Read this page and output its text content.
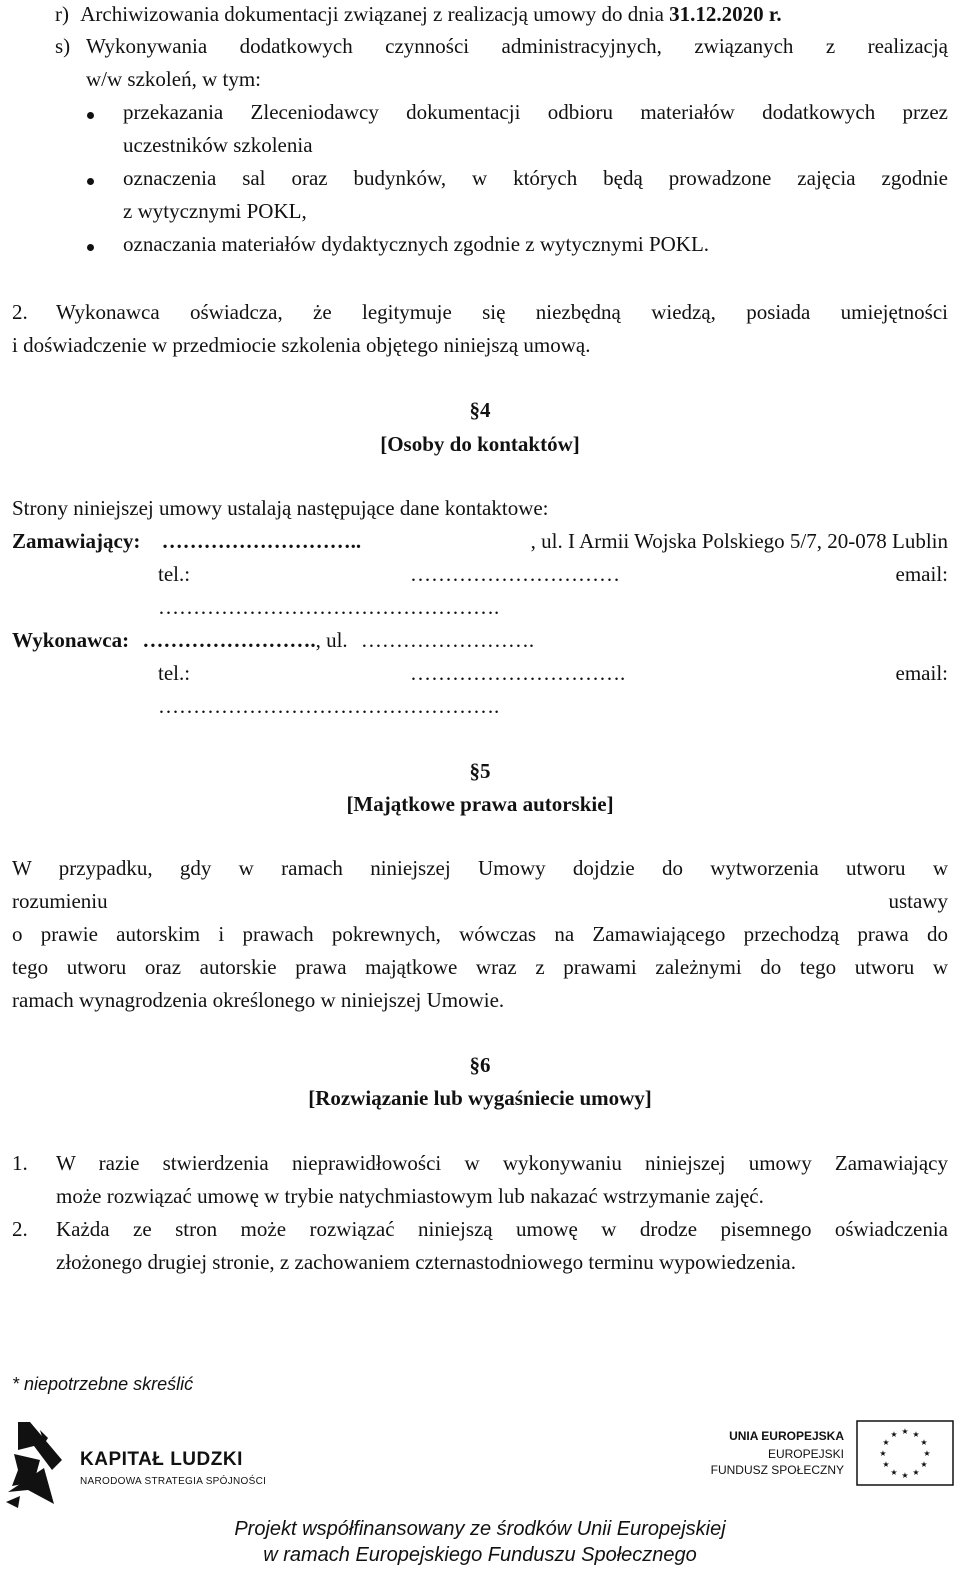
r) Archiwizowania dokumentacji związanej z realizacją umowy do dnia 31.12.2020 r.
s) Wykonywania dodatkowych czynności administracyjnych, związanych z realizacją
w/w szkoleń, w tym:
przekazania Zleceniodawcy dokumentacji odbioru materiałów dodatkowych przez
uczestników szkolenia
oznaczenia sal oraz budynków, w których będą prowadzone zajęcia zgodnie
z wytycznymi POKL,
oznaczania materiałów dydaktycznych zgodnie z wytycznymi POKL.
2. Wykonawca oświadcza, że legitymuje się niezbędną wiedzą, posiada umiejętności
i doświadczenie w przedmiocie szkolenia objętego niniejszą umową.
§4
[Osoby do kontaktów]
Strony niniejszej umowy ustalają następujące dane kontaktowe:
Zamawiający: ………………………..	, ul. I Armii Wojska Polskiego 5/7, 20-078 Lublin
tel.:	…………………………	email:
………………………………………….
Wykonawca: ……………………., ul. …………………….
tel.:	………………………….	email:
………………………………………….
§5
[Majątkowe prawa autorskie]
W przypadku, gdy w ramach niniejszej Umowy dojdzie do wytworzenia utworu w
rozumieniu	ustawy
o prawie autorskim i prawach pokrewnych, wówczas na Zamawiającego przechodzą prawa do
tego utworu oraz autorskie prawa majątkowe wraz z prawami zależnymi do tego utworu w
ramach wynagrodzenia określonego w niniejszej Umowie.
§6
[Rozwiązanie lub wygaśniecie umowy]
1. W razie stwierdzenia nieprawidłowości w wykonywaniu niniejszej umowy Zamawiający
może rozwiązać umowę w trybie natychmiastowym lub nakazać wstrzymanie zajęć.
2. Każda ze stron może rozwiązać niniejszą umowę w drodze pisemnego oświadczenia
złożonego drugiej stronie, z zachowaniem czternastodniowego terminu wypowiedzenia.
* niepotrzebne skreślić
KAPITAŁ LUDZKI
NARODOWA STRATEGIA SPÓJNOŚCI
UNIA EUROPEJSKA
EUROPEJSKI
FUNDUSZ SPOŁECZNY
★ ★
★
★
★
★
★
★
★
★
★
★
Projekt współfinansowany ze środków Unii Europejskiej
w ramach Europejskiego Funduszu Społecznego
